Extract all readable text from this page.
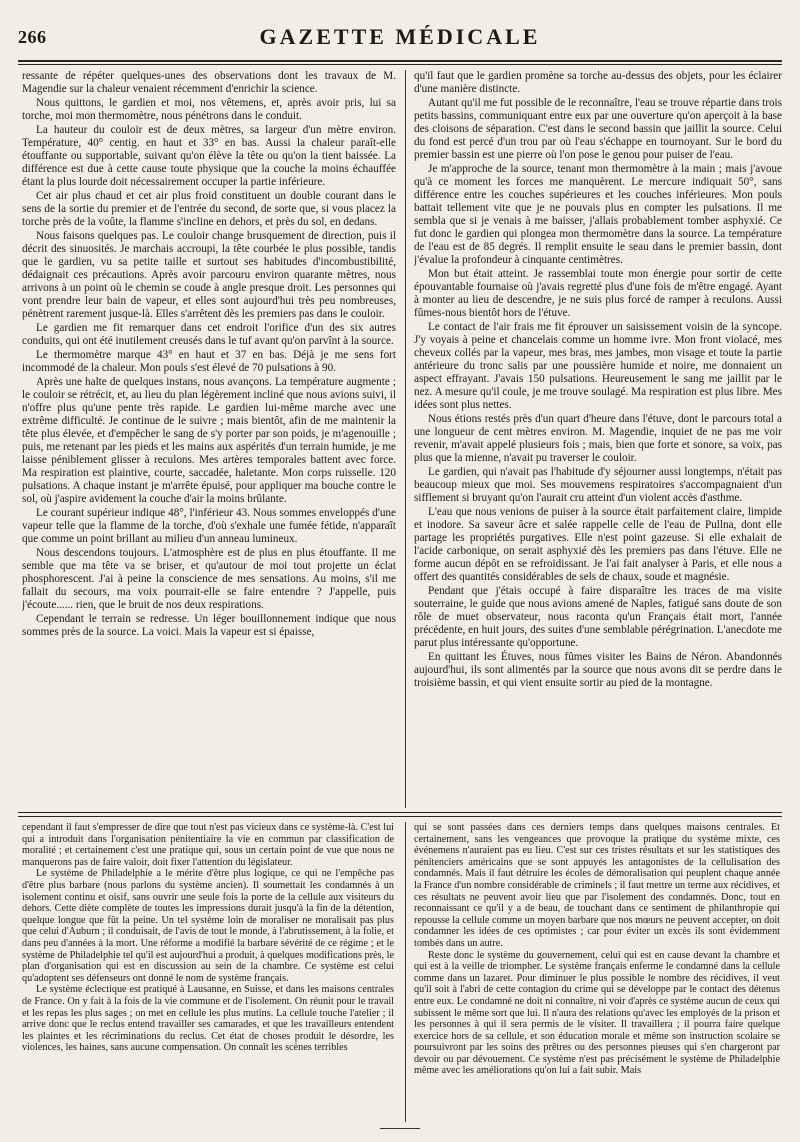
266	GAZETTE MÉDICALE

ressante de répéter quelques-unes des observations dont les travaux de M. Magendie sur la chaleur venaient récemment d'enrichir la science.

Nous quittons, le gardien et moi, nos vêtemens, et, après avoir pris, lui sa torche, moi mon thermomètre, nous pénétrons dans le conduit.

La hauteur du couloir est de deux mètres, sa largeur d'un mètre environ. Température, 40° centig. en haut et 33° en bas. Aussi la chaleur paraît-elle étouffante ou supportable, suivant qu'on élève la tête ou qu'on la tient baissée. La différence est due à cette cause toute physique que la couche la moins échauffée étant la plus lourde doit nécessairement occuper la partie inférieure.

Cet air plus chaud et cet air plus froid constituent un double courant dans le sens de la sortie du premier et de l'entrée du second, de sorte que, si vous placez la torche près de la voûte, la flamme s'incline en dehors, et près du sol, en dedans.

Nous faisons quelques pas. Le couloir change brusquement de direction, puis il décrit des sinuosités. Je marchais accroupi, la tête courbée le plus possible, tandis que le gardien, vu sa petite taille et surtout ses habitudes d'incombustibilité, dédaignait ces précautions. Après avoir parcouru environ quarante mètres, nous arrivons à un point où le chemin se coude à angle presque droit. Les personnes qui vont prendre leur bain de vapeur, et elles sont aujourd'hui très peu nombreuses, pénètrent rarement jusque-là. Elles s'arrêtent dès les premiers pas dans le couloir.

Le gardien me fit remarquer dans cet endroit l'orifice d'un des six autres conduits, qui ont été inutilement creusés dans le tuf avant qu'on parvînt à la source.

Le thermomètre marque 43° en haut et 37 en bas. Déjà je me sens fort incommodé de la chaleur. Mon pouls s'est élevé de 70 pulsations à 90.

Après une halte de quelques instans, nous avançons. La température augmente ; le couloir se rétrécit, et, au lieu du plan légèrement incliné que nous avions suivi, il n'offre plus qu'une pente très rapide. Le gardien lui-même marche avec une extrême difficulté. Je continue de le suivre ; mais bientôt, afin de me maintenir la tête plus élevée, et d'empêcher le sang de s'y porter par son poids, je m'agenouille ; puis, me retenant par les pieds et les mains aux aspérités d'un terrain humide, je me laisse péniblement glisser à reculons. Mes artères temporales battent avec force. Ma respiration est plaintive, courte, saccadée, haletante. Mon corps ruisselle. 120 pulsations. A chaque instant je m'arrête épuisé, pour appliquer ma bouche contre le sol, où j'aspire avidement la couche d'air la moins brûlante.

Le courant supérieur indique 48°, l'inférieur 43. Nous sommes enveloppés d'une vapeur telle que la flamme de la torche, d'où s'exhale une fumée fétide, n'apparaît que comme un point brillant au milieu d'un anneau lumineux.

Nous descendons toujours. L'atmosphère est de plus en plus étouffante. Il me semble que ma tête va se briser, et qu'autour de moi tout projette un éclat phosphorescent. J'ai à peine la conscience de mes sensations. Au moins, s'il me fallait du secours, ma voix pourrait-elle se faire entendre ? J'appelle, puis j'écoute...... rien, que le bruit de nos deux respirations.

Cependant le terrain se redresse. Un léger bouillonnement indique que nous sommes près de la source. La voici. Mais la vapeur est si épaisse,

qu'il faut que le gardien promène sa torche au-dessus des objets, pour les éclairer d'une manière distincte.

Autant qu'il me fut possible de le reconnaître, l'eau se trouve répartie dans trois petits bassins, communiquant entre eux par une ouverture qu'on aperçoit à la base des cloisons de séparation. C'est dans le second bassin que jaillit la source. Celui du fond est percé d'un trou par où l'eau s'échappe en tournoyant. Sur le bord du premier bassin est une pierre où l'on pose le genou pour puiser de l'eau.

Je m'approche de la source, tenant mon thermomètre à la main ; mais j'avoue qu'à ce moment les forces me manquèrent. Le mercure indiquait 50°, sans différence entre les couches supérieures et les couches inférieures. Mon pouls battait tellement vite que je ne pouvais plus en compter les pulsations. Il me sembla que si je venais à me baisser, j'allais probablement tomber asphyxié. Ce fut donc le gardien qui plongea mon thermomètre dans la source. La température de l'eau est de 85 degrés. Il remplit ensuite le seau dans le premier bassin, dont j'évalue la profondeur à cinquante centimètres.

Mon but était atteint. Je rassemblai toute mon énergie pour sortir de cette épouvantable fournaise où j'avais regretté plus d'une fois de m'être engagé. Ayant à monter au lieu de descendre, je ne suis plus forcé de ramper à reculons. Aussi fûmes-nous bientôt hors de l'étuve.

Le contact de l'air frais me fit éprouver un saisissement voisin de la syncope. J'y voyais à peine et chancelais comme un homme ivre. Mon front violacé, mes cheveux collés par la vapeur, mes bras, mes jambes, mon visage et toute la partie antérieure du tronc salis par une poussière humide et noire, me donnaient un aspect effrayant. J'avais 150 pulsations. Heureusement le sang me jaillit par le nez. A mesure qu'il coule, je me trouve soulagé. Ma respiration est plus libre. Mes idées sont plus nettes.

Nous étions restés près d'un quart d'heure dans l'étuve, dont le parcours total a une longueur de cent mètres environ. M. Magendie, inquiet de ne pas me voir revenir, m'avait appelé plusieurs fois ; mais, bien que forte et sonore, sa voix, pas plus que la mienne, n'avait pu traverser le couloir.

Le gardien, qui n'avait pas l'habitude d'y séjourner aussi longtemps, n'était pas beaucoup mieux que moi. Ses mouvemens respiratoires s'accompagnaient d'un sifflement si bruyant qu'on l'aurait cru atteint d'un violent accès d'asthme.

L'eau que nous venions de puiser à la source était parfaitement claire, limpide et inodore. Sa saveur âcre et salée rappelle celle de l'eau de Pullna, dont elle partage les propriétés purgatives. Elle n'est point gazeuse. Si elle exhalait de l'acide carbonique, on serait asphyxié dès les premiers pas dans l'étuve. Elle ne forme aucun dépôt en se refroidissant. Je l'ai fait analyser à Paris, et elle nous a offert des quantités considérables de sels de chaux, soude et magnésie.

Pendant que j'étais occupé à faire disparaître les traces de ma visite souterraine, le guide que nous avions amené de Naples, fatigué sans doute de son rôle de muet observateur, nous raconta qu'un Français était mort, l'année précédente, en huit jours, des suites d'une semblable pérégrination. L'anecdote me parut plus intéressante qu'opportune.

En quittant les Étuves, nous fûmes visiter les Bains de Néron. Abandonnés aujourd'hui, ils sont alimentés par la source que nous avons dit se perdre dans le troisième bassin, et qui vient ensuite sortir au pied de la montagne.

cependant il faut s'empresser de dire que tout n'est pas vicieux dans ce système-là. C'est lui qui a introduit dans l'organisation pénitentiaire la vie en commun par classification de moralité ; et certainement c'est une pratique qui, sous un certain point de vue que nous ne manquerons pas de faire valoir, doit fixer l'attention du législateur.

Le système de Philadelphie a le mérite d'être plus logique, ce qui ne l'empêche pas d'être plus barbare (nous parlons du système ancien). Il soumettait les condamnés à un isolement continu et oisif, sans ouvrir une seule fois la porte de la cellule aux visiteurs du dehors. Cette diète complète de toutes les impressions durait jusqu'à la fin de la détention, quelque longue que fût la peine. Un tel système loin de moraliser ne moralisait pas plus que celui d'Auburn ; il conduisait, de l'avis de tout le monde, à l'abrutissement, à la folie, et dans peu d'années à la mort. Une réforme a modifié la barbare sévérité de ce régime ; et le système de Philadelphie tel qu'il est aujourd'hui a produit, à quelques modifications près, le plan d'organisation qui est en discussion au sein de la chambre. Ce système est celui qu'adoptent ses défenseurs ont donné le nom de système français.

Le système éclectique est pratiqué à Lausanne, en Suisse, et dans les maisons centrales de France. On y fait à la fois de la vie commune et de l'isolement. On réunit pour le travail et les repas les plus sages ; on met en cellule les plus mutins. La cellule touche l'atelier ; il arrive donc que le reclus entend travailler ses camarades, et que les travailleurs entendent les plaintes et les récriminations du reclus. Cet état de choses produit le désordre, les violences, les haines, sans aucune compensation. On connaît les scènes terribles

qui se sont passées dans ces derniers temps dans quelques maisons centrales. Et certainement, sans les vengeances que provoque la pratique du système mixte, ces événemens n'auraient pas eu lieu. C'est sur ces tristes résultats et sur les statistiques des pénitenciers américains que se sont appuyés les antagonistes de la cellulisation des condamnés. Mais il faut détruire les écoles de démoralisation qui peuplent chaque année la France d'un nombre considérable de criminels ; il faut mettre un terme aux récidives, et ces résultats ne peuvent avoir lieu que par l'isolement des condamnés. Donc, tout en reconnaissant ce qu'il y a de beau, de touchant dans ce sentiment de philanthropie qui repousse la cellule comme un moyen barbare que nos mœurs ne peuvent accepter, on doit condamner les idées de ces optimistes ; car pour éviter un excès ils sont évidemment tombés dans un autre.

Reste donc le système du gouvernement, celui qui est en cause devant la chambre et qui est à la veille de triompher. Le système français enferme le condamné dans la cellule comme dans un lazaret. Pour diminuer le plus possible le nombre des récidives, il veut qu'il soit à l'abri de cette contagion du crime qui se développe par le contact des détenus entre eux. Le condamné ne doit ni connaître, ni voir d'après ce système aucun de ceux qui subissent le même sort que lui. Il n'aura des relations qu'avec les employés de la prison et les personnes à qui il sera permis de le visiter. Il travaillera ; il pourra faire quelque exercice hors de sa cellule, et son éducation morale et même son instruction scolaire se poursuivront par les soins des prêtres ou des personnes pieuses qui s'en chargeront par devoir ou par dévouement. Ce système n'est pas précisément le système de Philadelphie même avec les améliorations qu'on lui a fait subir. Mais
